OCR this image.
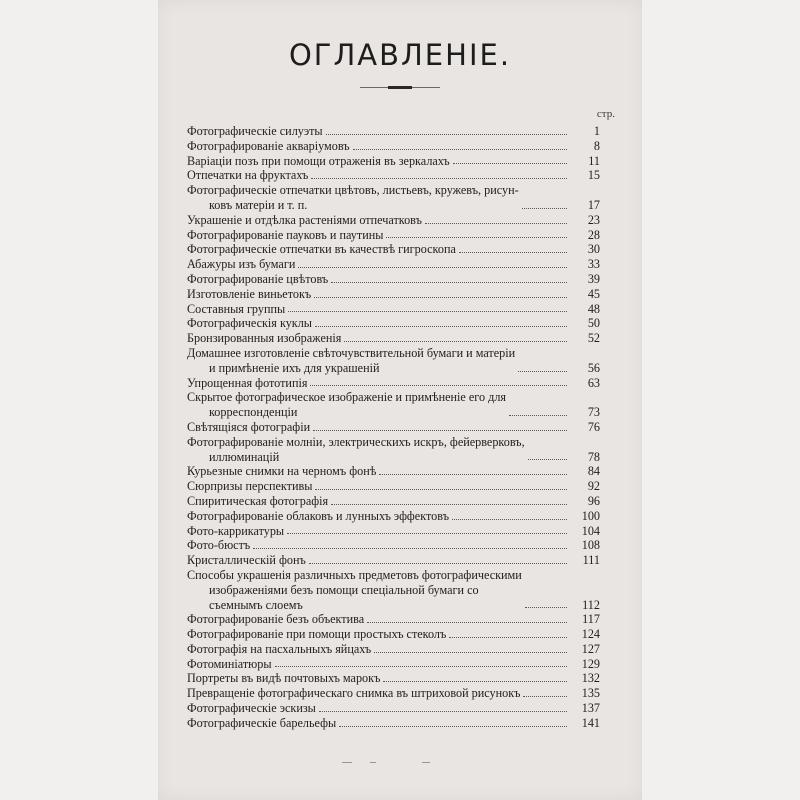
ОГЛАВЛЕНIЕ.
стр.
Фотографическіе силуэты	1
Фотографированіе акваріумовъ	8
Варiацiи позъ при помощи отраженія въ зеркалахъ	11
Отпечатки на фруктахъ	15
Фотографическіе отпечатки цвѣтовъ, листьевъ, кружевъ, рисун-
ковъ матеріи и т. п.	17
Украшеніе и отдѣлка растеніями отпечатковъ	23
Фотографированіе пауковъ и паутины	28
Фотографическіе отпечатки въ качествѣ гигроскопа	30
Абажуры изъ бумаги	33
Фотографированіе цвѣтовъ	39
Изготовленіе виньетокъ	45
Составныя группы	48
Фотографическія куклы	50
Бронзированныя изображенія	52
Домашнее изготовленіе свѣточувствительной бумаги и матеріи
и примѣненіе ихъ для украшеній	56
Упрощенная фототипія	63
Скрытое фотографическое изображеніе и примѣненіе его для
корреспонденціи	73
Свѣтящіяся фотографіи	76
Фотографированіе молніи, электрическихъ искръ, фейерверковъ,
иллюминацій	78
Курьезные снимки на черномъ фонѣ	84
Сюрпризы перспективы	92
Спиритическая фотографія	96
Фотографированіе облаковъ и лунныхъ эффектовъ	100
Фото-каррикатуры	104
Фото-бюстъ	108
Кристаллическій фонъ	111
Способы украшенія различныхъ предметовъ фотографическими
изображеніями безъ помощи спеціальной бумаги со
съемнымъ слоемъ	112
Фотографированіе безъ объектива	117
Фотографированіе при помощи простыхъ стеколъ	124
Фотографія на пасхальныхъ яйцахъ	127
Фотоминіатюры	129
Портреты въ видѣ почтовыхъ марокъ	132
Превращеніе фотографическаго снимка въ штриховой рисунокъ	135
Фотографическіе эскизы	137
Фотографическіе барельефы	141
